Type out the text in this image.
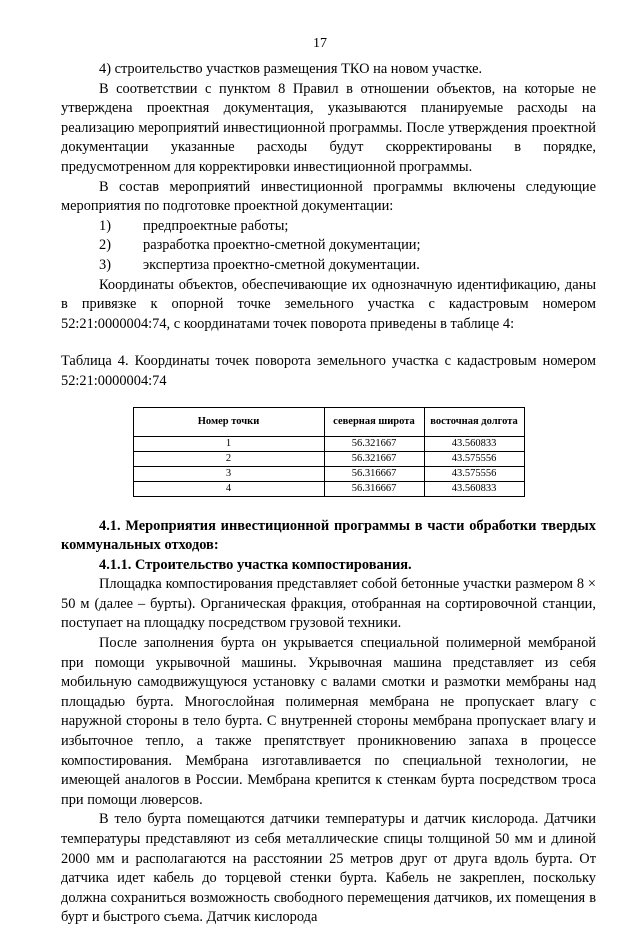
17

4) строительство участков размещения ТКО на новом участке.

В соответствии с пунктом 8 Правил в отношении объектов, на которые не утверждена проектная документация, указываются планируемые расходы на реализацию мероприятий инвестиционной программы. После утверждения проектной документации указанные расходы будут скорректированы в порядке, предусмотренном для корректировки инвестиционной программы.

В состав мероприятий инвестиционной программы включены следующие мероприятия по подготовке проектной документации:

1)	предпроектные работы;
2)	разработка проектно-сметной документации;
3)	экспертиза проектно-сметной документации.

Координаты объектов, обеспечивающие их однозначную идентификацию, даны в привязке к опорной точке земельного участка с кадастровым номером 52:21:0000004:74, с координатами точек поворота приведены в таблице 4:

Таблица 4. Координаты точек поворота земельного участка с кадастровым номером 52:21:0000004:74

Номер точки	северная широта	восточная долгота
1	56.321667	43.560833
2	56.321667	43.575556
3	56.316667	43.575556
4	56.316667	43.560833

4.1. Мероприятия инвестиционной программы в части обработки твердых коммунальных отходов:

4.1.1. Строительство участка компостирования.

Площадка компостирования представляет собой бетонные участки размером 8 × 50 м (далее – бурты). Органическая фракция, отобранная на сортировочной станции, поступает на площадку посредством грузовой техники.

После заполнения бурта он укрывается специальной полимерной мембраной при помощи укрывочной машины. Укрывочная машина представляет из себя мобильную самодвижущуюся установку с валами смотки и размотки мембраны над площадью бурта. Многослойная полимерная мембрана не пропускает влагу с наружной стороны в тело бурта. С внутренней стороны мембрана пропускает влагу и избыточное тепло, а также препятствует проникновению запаха в процессе компостирования. Мембрана изготавливается по специальной технологии, не имеющей аналогов в России. Мембрана крепится к стенкам бурта посредством троса при помощи люверсов.

В тело бурта помещаются датчики температуры и датчик кислорода. Датчики температуры представляют из себя металлические спицы толщиной 50 мм и длиной 2000 мм и располагаются на расстоянии 25 метров друг от друга вдоль бурта. От датчика идет кабель до торцевой стенки бурта. Кабель не закреплен, поскольку должна сохраниться возможность свободного перемещения датчиков, их помещения в бурт и быстрого съема. Датчик кислорода
